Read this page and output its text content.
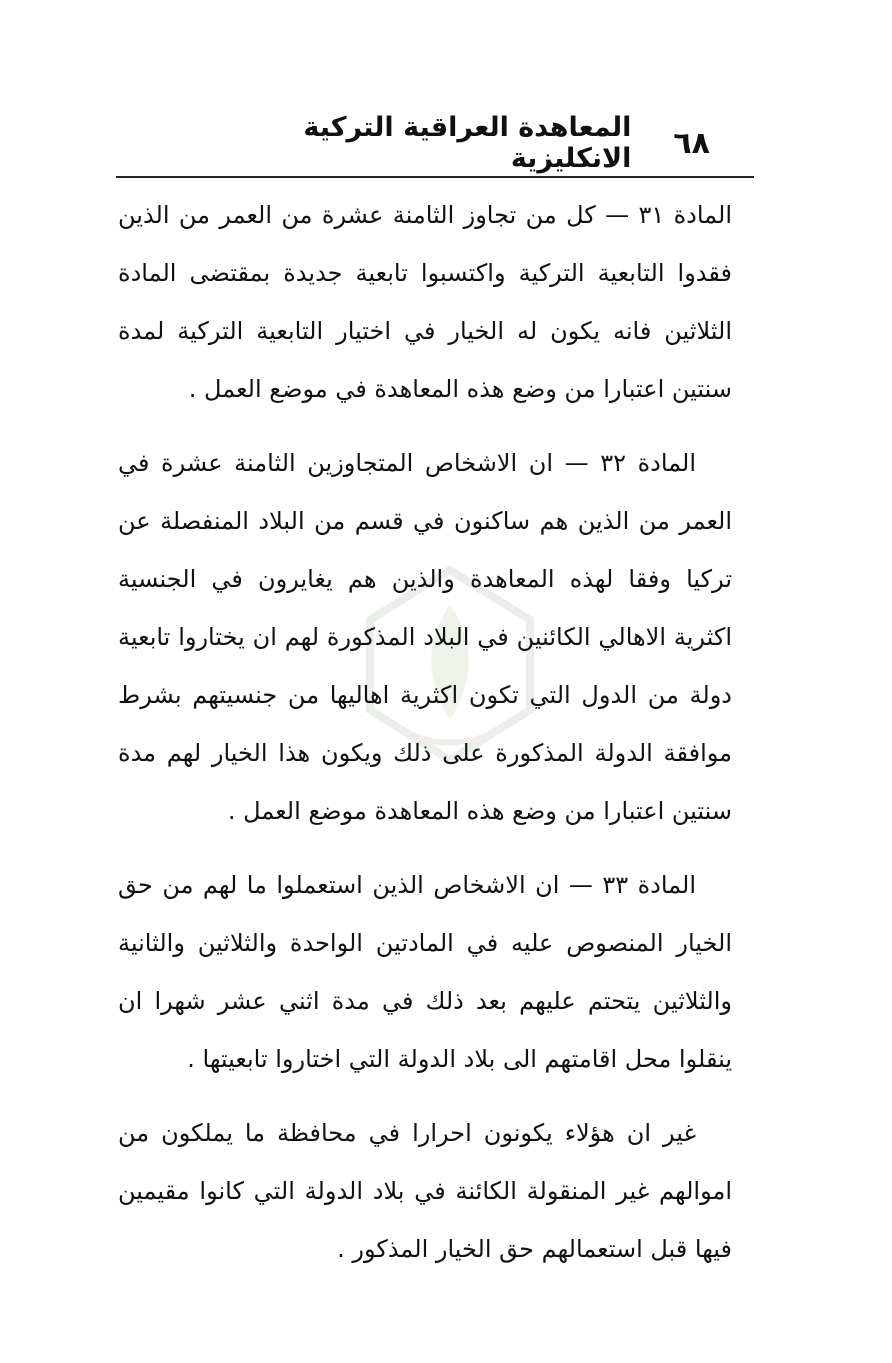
٦٨
المعاهدة العراقية التركية الانكليزية

المادة ٣١ — كل من تجاوز الثامنة عشرة من العمر من الذين فقدوا التابعية التركية واكتسبوا تابعية جديدة بمقتضى المادة الثلاثين فانه يكون له الخيار في اختيار التابعية التركية لمدة سنتين اعتبارا من وضع هذه المعاهدة في موضع العمل .

المادة ٣٢ — ان الاشخاص المتجاوزين الثامنة عشرة في العمر من الذين هم ساكنون في قسم من البلاد المنفصلة عن تركيا وفقا لهذه المعاهدة والذين هم يغايرون في الجنسية اكثرية الاهالي الكائنين في البلاد المذكورة لهم ان يختاروا تابعية دولة من الدول التي تكون اكثرية اهاليها من جنسيتهم بشرط موافقة الدولة المذكورة على ذلك ويكون هذا الخيار لهم مدة سنتين اعتبارا من وضع هذه المعاهدة موضع العمل .

المادة ٣٣ — ان الاشخاص الذين استعملوا ما لهم من حق الخيار المنصوص عليه في المادتين الواحدة والثلاثين والثانية والثلاثين يتحتم عليهم بعد ذلك في مدة اثني عشر شهرا ان ينقلوا محل اقامتهم الى بلاد الدولة التي اختاروا تابعيتها .

غير ان هؤلاء يكونون احرارا في محافظة ما يملكون من اموالهم غير المنقولة الكائنة في بلاد الدولة التي كانوا مقيمين فيها قبل استعمالهم حق الخيار المذكور .
